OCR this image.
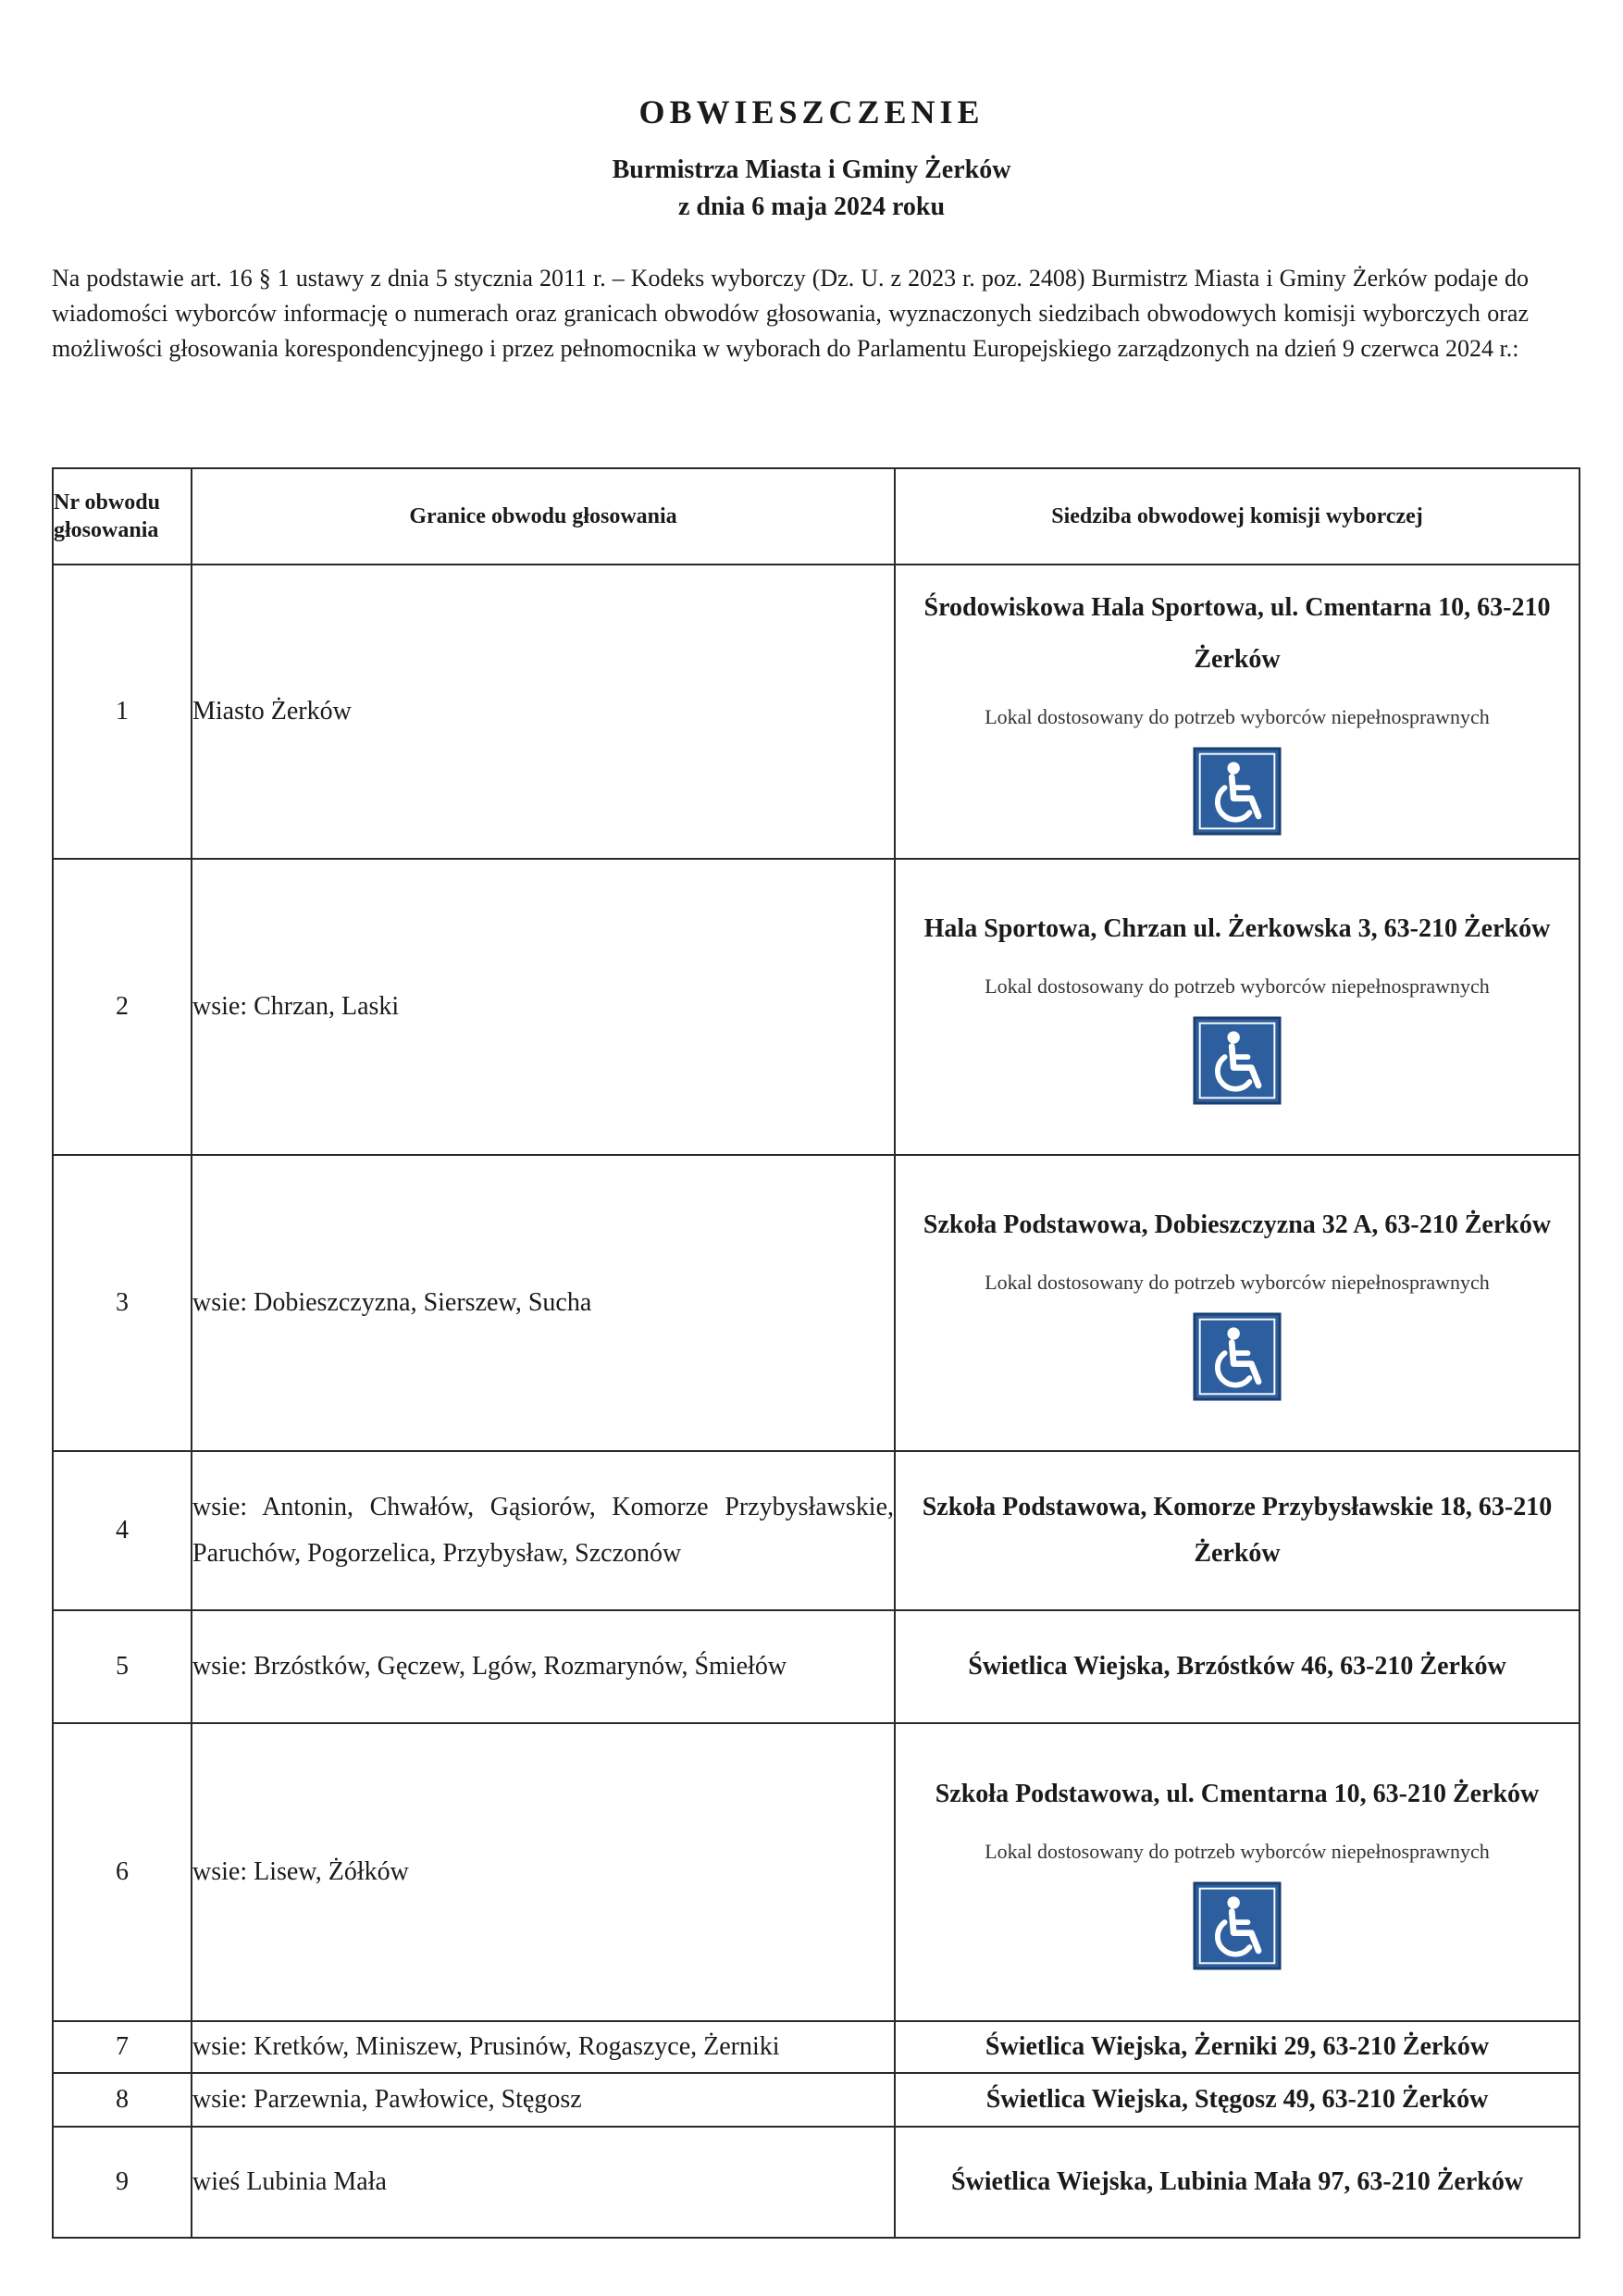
OBWIESZCZENIE
Burmistrza Miasta i Gminy Żerków
z dnia 6 maja 2024 roku
Na podstawie art. 16 § 1 ustawy z dnia 5 stycznia 2011 r. – Kodeks wyborczy (Dz. U. z 2023 r. poz. 2408) Burmistrz Miasta i Gminy Żerków podaje do wiadomości wyborców informację o numerach oraz granicach obwodów głosowania, wyznaczonych siedzibach obwodowych komisji wyborczych oraz możliwości głosowania korespondencyjnego i przez pełnomocnika w wyborach do Parlamentu Europejskiego zarządzonych na dzień 9 czerwca 2024 r.:
Nr obwodu głosowania	Granice obwodu głosowania	Siedziba obwodowej komisji wyborczej
1	Miasto Żerków	Środowiskowa Hala Sportowa, ul. Cmentarna 10, 63-210 Żerków
Lokal dostosowany do potrzeb wyborców niepełnosprawnych

2	wsie: Chrzan, Laski	Hala Sportowa, Chrzan ul. Żerkowska 3, 63-210 Żerków
Lokal dostosowany do potrzeb wyborców niepełnosprawnych

3	wsie: Dobieszczyzna, Sierszew, Sucha	Szkoła Podstawowa, Dobieszczyzna 32 A, 63-210 Żerków
Lokal dostosowany do potrzeb wyborców niepełnosprawnych

4	wsie: Antonin, Chwałów, Gąsiorów, Komorze Przybysławskie, Paruchów, Pogorzelica, Przybysław, Szczonów	Szkoła Podstawowa, Komorze Przybysławskie 18, 63-210 Żerków

5	wsie: Brzóstków, Gęczew, Lgów, Rozmarynów, Śmiełów	Świetlica Wiejska, Brzóstków 46, 63-210 Żerków

6	wsie: Lisew, Żółków	Szkoła Podstawowa, ul. Cmentarna 10, 63-210 Żerków
Lokal dostosowany do potrzeb wyborców niepełnosprawnych

7	wsie: Kretków, Miniszew, Prusinów, Rogaszyce, Żerniki	Świetlica Wiejska, Żerniki 29, 63-210 Żerków

8	wsie: Parzewnia, Pawłowice, Stęgosz	Świetlica Wiejska, Stęgosz 49, 63-210 Żerków

9	wieś Lubinia Mała	Świetlica Wiejska, Lubinia Mała 97, 63-210 Żerków
